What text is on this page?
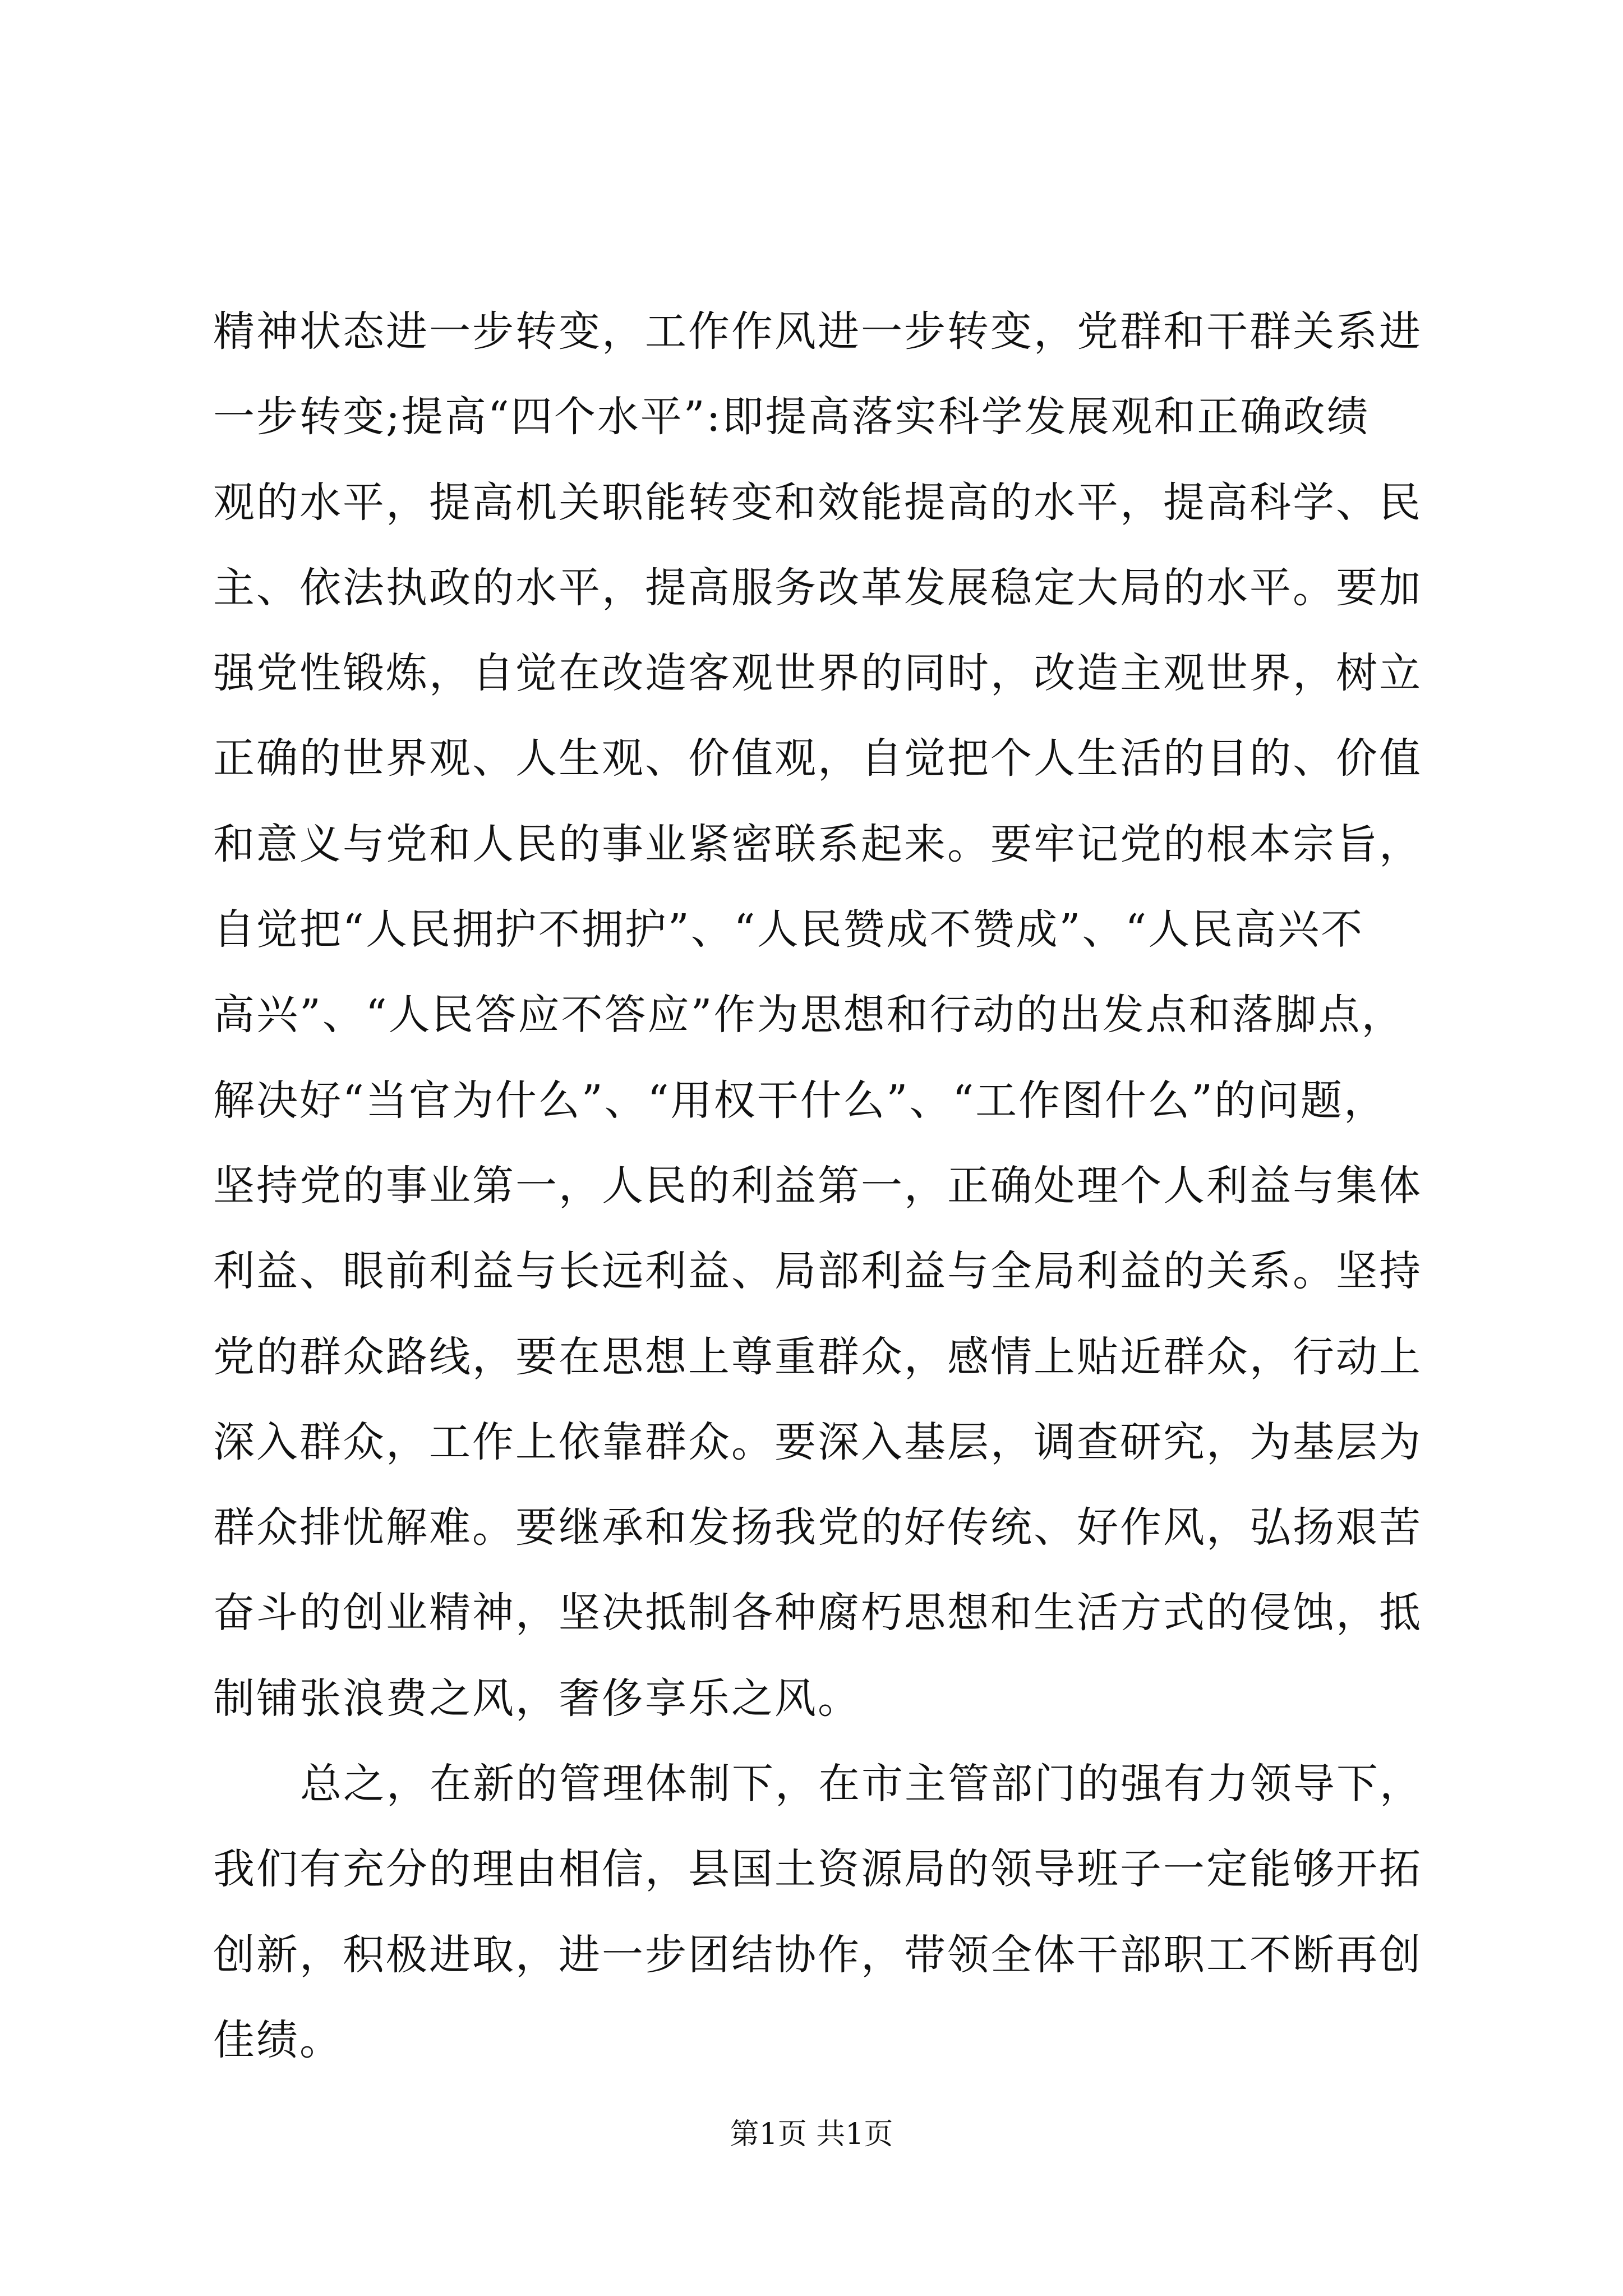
精神状态进一步转变，工作作风进一步转变，党群和干群关系进
一步转变;提高“四个水平”:即提高落实科学发展观和正确政绩
观的水平，提高机关职能转变和效能提高的水平，提高科学、民
主、依法执政的水平，提高服务改革发展稳定大局的水平。要加
强党性锻炼，自觉在改造客观世界的同时，改造主观世界，树立
正确的世界观、人生观、价值观，自觉把个人生活的目的、价值
和意义与党和人民的事业紧密联系起来。要牢记党的根本宗旨，
自觉把“人民拥护不拥护”、“人民赞成不赞成”、“人民高兴不
高兴”、“人民答应不答应”作为思想和行动的出发点和落脚点，
解决好“当官为什么”、“用权干什么”、“工作图什么”的问题，
坚持党的事业第一，人民的利益第一，正确处理个人利益与集体
利益、眼前利益与长远利益、局部利益与全局利益的关系。坚持
党的群众路线，要在思想上尊重群众，感情上贴近群众，行动上
深入群众，工作上依靠群众。要深入基层，调查研究，为基层为
群众排忧解难。要继承和发扬我党的好传统、好作风，弘扬艰苦
奋斗的创业精神，坚决抵制各种腐朽思想和生活方式的侵蚀，抵
制铺张浪费之风，奢侈享乐之风。
总之，在新的管理体制下，在市主管部门的强有力领导下，
我们有充分的理由相信，县国土资源局的领导班子一定能够开拓
创新，积极进取，进一步团结协作，带领全体干部职工不断再创
佳绩。
第1页 共1页
